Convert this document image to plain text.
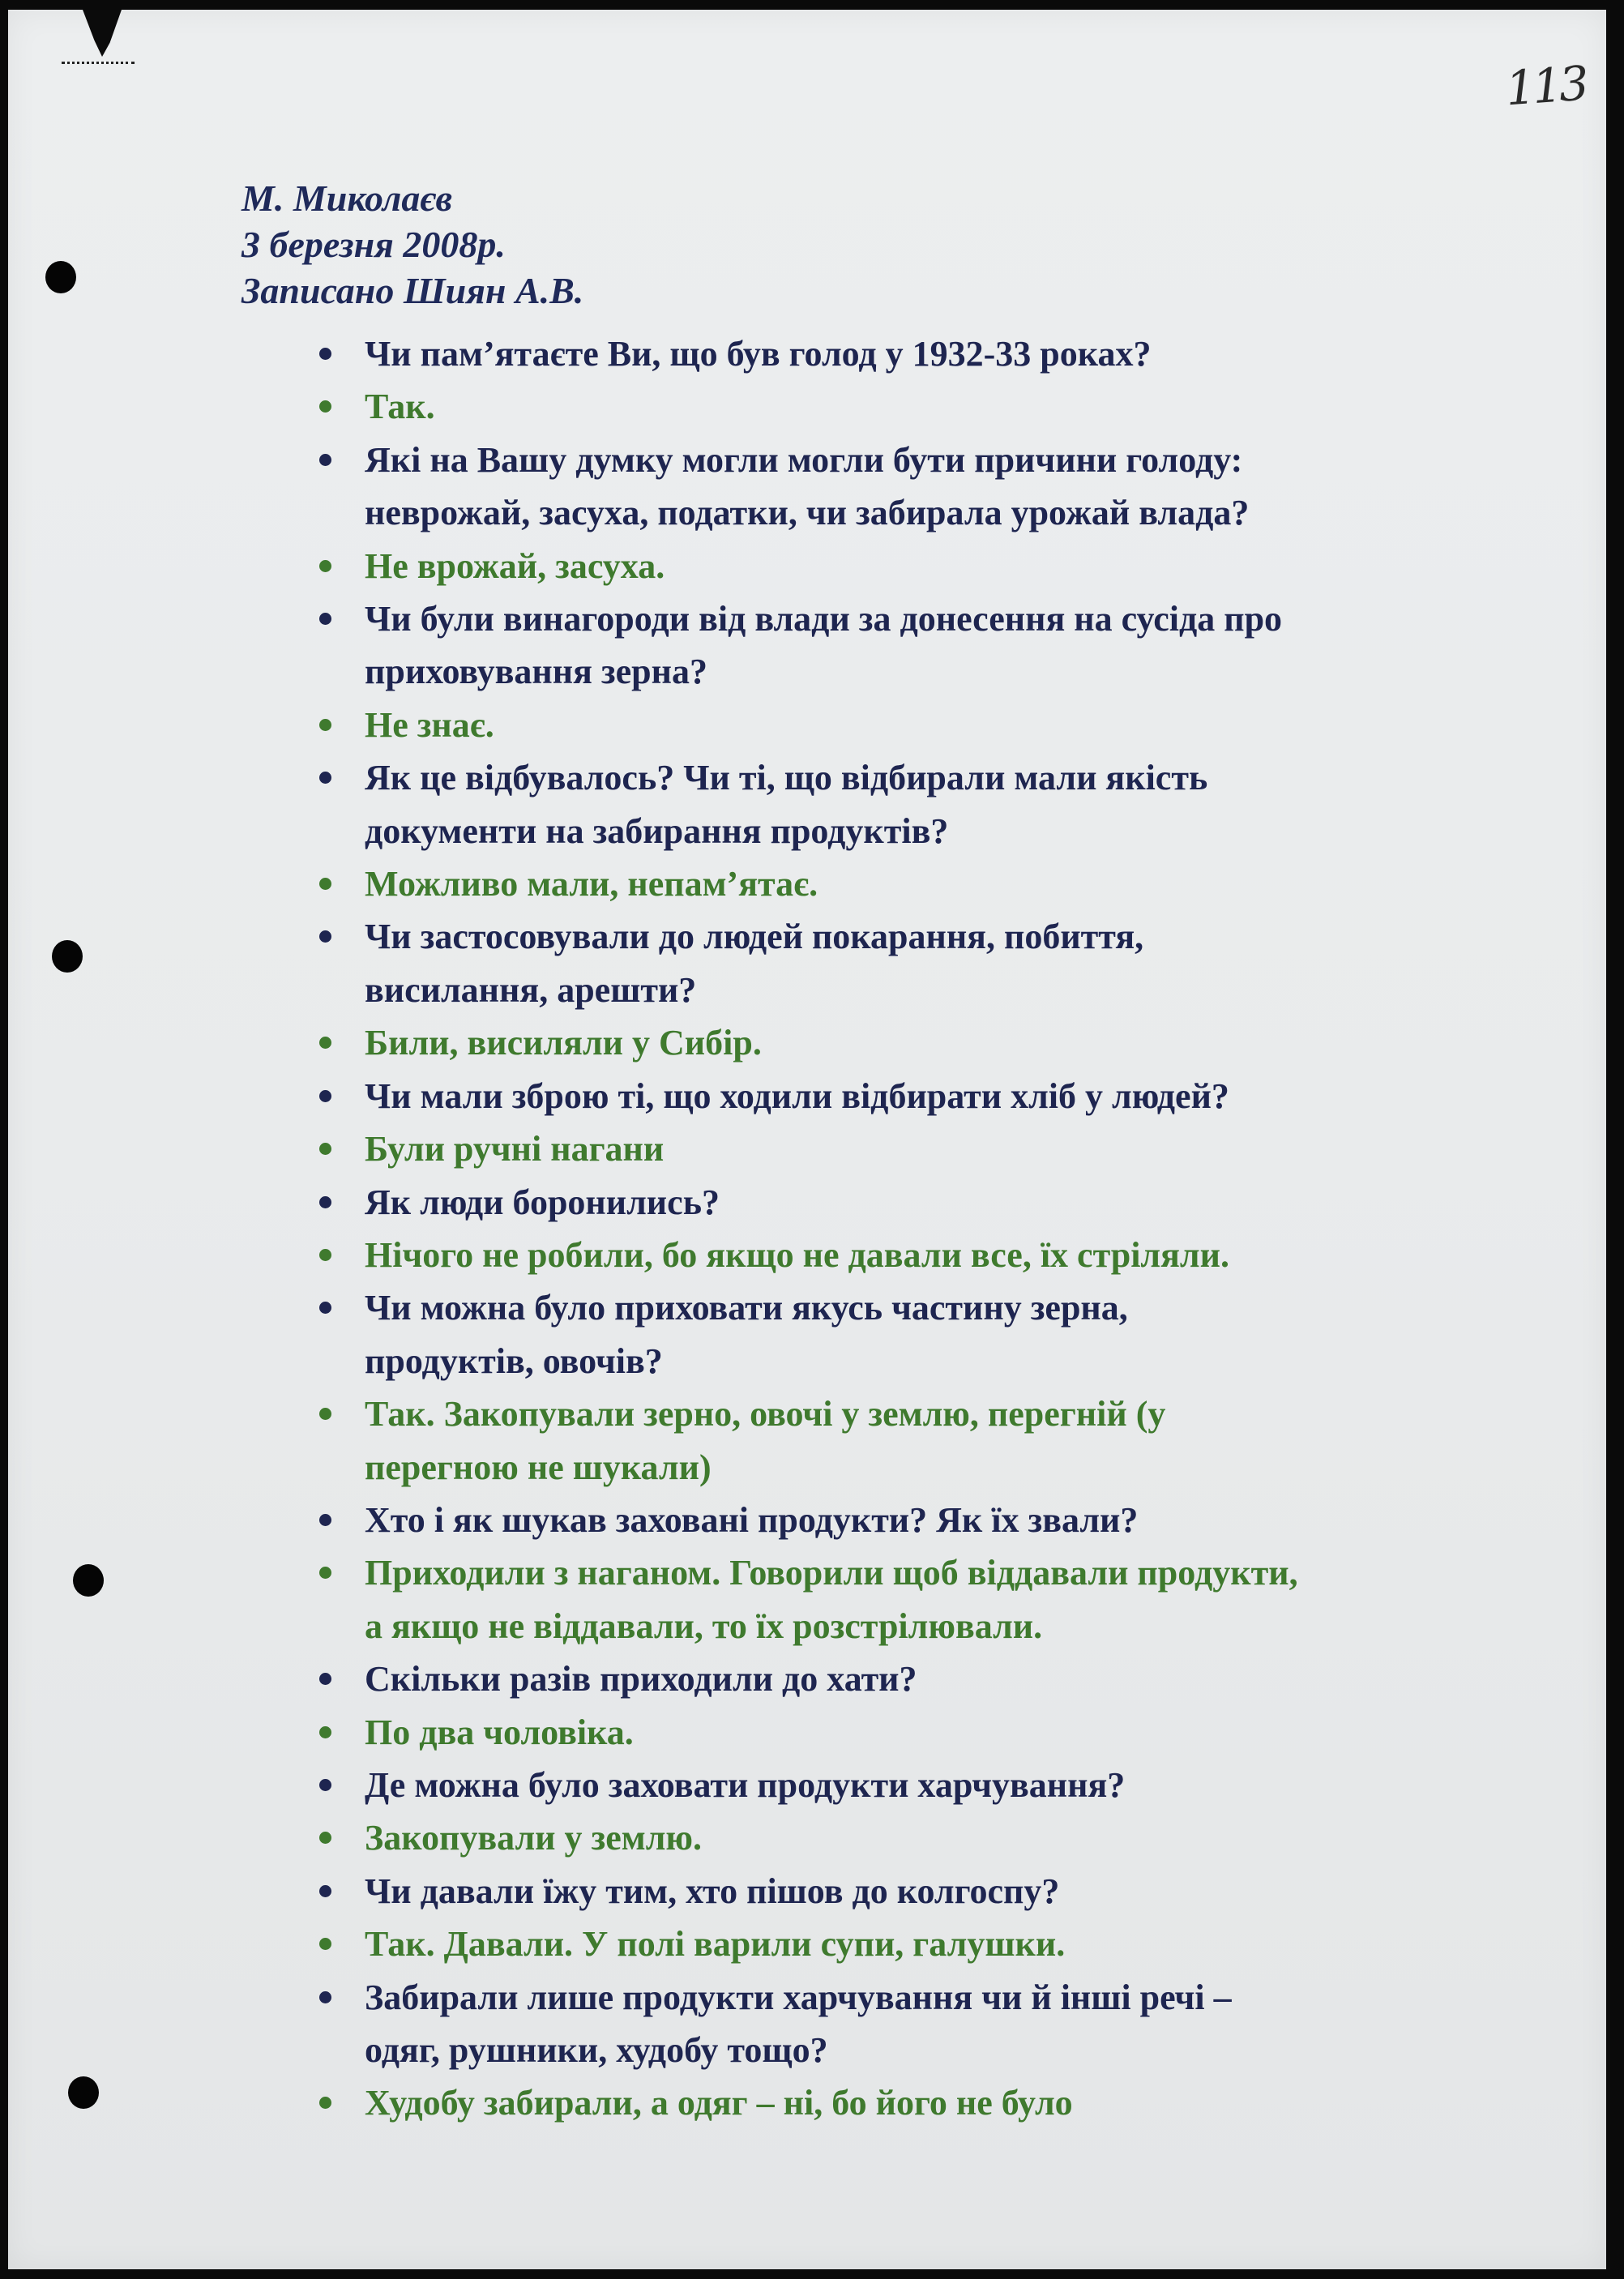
113
М. Миколаєв
3 березня 2008р.
Записано Шиян А.В.
Чи пам’ятаєте Ви, що був голод у 1932-33 роках?
Так.
Які на Вашу думку могли могли бути причини голоду:
неврожай, засуха, податки, чи забирала урожай влада?
Не врожай, засуха.
Чи були винагороди від влади за донесення на сусіда про
приховування зерна?
Не знає.
Як це відбувалось? Чи ті, що відбирали мали якість
документи на забирання продуктів?
Можливо мали, непам’ятає.
Чи застосовували до людей покарання, побиття,
висилання, арешти?
Били, висиляли у Сибір.
Чи мали зброю ті, що ходили відбирати хліб у людей?
Були ручні нагани
Як люди боронились?
Нічого не робили, бо якщо не давали все, їх стріляли.
Чи можна було приховати якусь частину зерна,
продуктів, овочів?
Так. Закопували зерно, овочі у землю, перегній (у
перегною не шукали)
Хто і як шукав заховані продукти? Як їх звали?
Приходили з наганом. Говорили щоб віддавали продукти,
а якщо не віддавали, то їх розстрілювали.
Скільки разів приходили до хати?
По два чоловіка.
Де можна було заховати продукти харчування?
Закопували у землю.
Чи давали їжу тим, хто пішов до колгоспу?
Так. Давали. У полі варили супи, галушки.
Забирали лише продукти харчування чи й інші речі –
одяг, рушники, худобу тощо?
Худобу забирали, а одяг – ні, бо його не було
